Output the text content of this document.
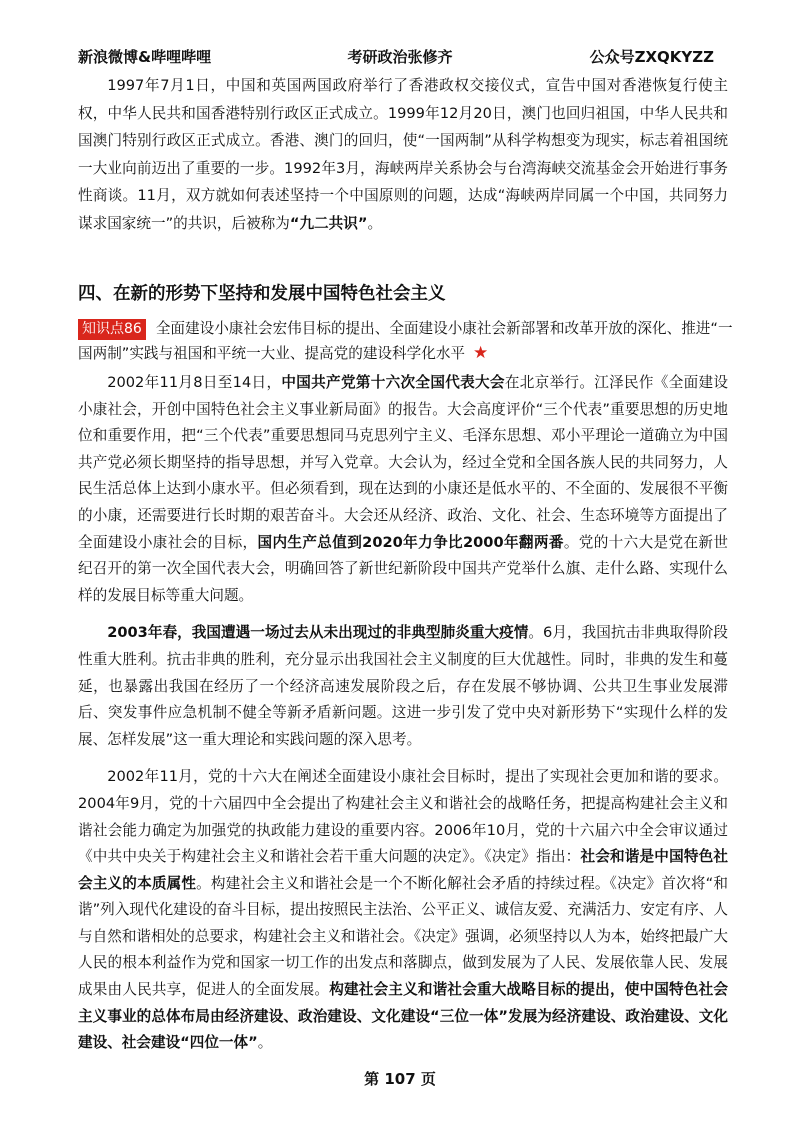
新浪微博&哔哩哔哩	考研政治张修齐	公众号ZXQKYZZ

1997年7月1日，中国和英国两国政府举行了香港政权交接仪式，宣告中国对香港恢复行使主权，中华人民共和国香港特别行政区正式成立。1999年12月20日，澳门也回归祖国，中华人民共和国澳门特别行政区正式成立。香港、澳门的回归，使“一国两制”从科学构想变为现实，标志着祖国统一大业向前迈出了重要的一步。1992年3月，海峡两岸关系协会与台湾海峡交流基金会开始进行事务性商谈。11月，双方就如何表述坚持一个中国原则的问题，达成“海峡两岸同属一个中国，共同努力谋求国家统一”的共识，后被称为“九二共识”。

四、在新的形势下坚持和发展中国特色社会主义
知识点86 全面建设小康社会宏伟目标的提出、全面建设小康社会新部署和改革开放的深化、推进“一国两制”实践与祖国和平统一大业、提高党的建设科学化水平 ★

2002年11月8日至14日，中国共产党第十六次全国代表大会在北京举行。江泽民作《全面建设小康社会，开创中国特色社会主义事业新局面》的报告。大会高度评价“三个代表”重要思想的历史地位和重要作用，把“三个代表”重要思想同马克思列宁主义、毛泽东思想、邓小平理论一道确立为中国共产党必须长期坚持的指导思想，并写入党章。大会认为，经过全党和全国各族人民的共同努力，人民生活总体上达到小康水平。但必须看到，现在达到的小康还是低水平的、不全面的、发展很不平衡的小康，还需要进行长时期的艰苦奋斗。大会还从经济、政治、文化、社会、生态环境等方面提出了全面建设小康社会的目标，国内生产总值到2020年力争比2000年翻两番。党的十六大是党在新世纪召开的第一次全国代表大会，明确回答了新世纪新阶段中国共产党举什么旗、走什么路、实现什么样的发展目标等重大问题。

2003年春，我国遭遇一场过去从未出现过的非典型肺炎重大疫情。6月，我国抗击非典取得阶段性重大胜利。抗击非典的胜利，充分显示出我国社会主义制度的巨大优越性。同时，非典的发生和蔓延，也暴露出我国在经历了一个经济高速发展阶段之后，存在发展不够协调、公共卫生事业发展滞后、突发事件应急机制不健全等新矛盾新问题。这进一步引发了党中央对新形势下“实现什么样的发展、怎样发展”这一重大理论和实践问题的深入思考。

2002年11月，党的十六大在阐述全面建设小康社会目标时，提出了实现社会更加和谐的要求。2004年9月，党的十六届四中全会提出了构建社会主义和谐社会的战略任务，把提高构建社会主义和谐社会能力确定为加强党的执政能力建设的重要内容。2006年10月，党的十六届六中全会审议通过《中共中央关于构建社会主义和谐社会若干重大问题的决定》。《决定》指出：社会和谐是中国特色社会主义的本质属性。构建社会主义和谐社会是一个不断化解社会矛盾的持续过程。《决定》首次将“和谐”列入现代化建设的奋斗目标，提出按照民主法治、公平正义、诚信友爱、充满活力、安定有序、人与自然和谐相处的总要求，构建社会主义和谐社会。《决定》强调，必须坚持以人为本，始终把最广大人民的根本利益作为党和国家一切工作的出发点和落脚点，做到发展为了人民、发展依靠人民、发展成果由人民共享，促进人的全面发展。构建社会主义和谐社会重大战略目标的提出，使中国特色社会主义事业的总体布局由经济建设、政治建设、文化建设“三位一体”发展为经济建设、政治建设、文化建设、社会建设“四位一体”。

第 107 页
